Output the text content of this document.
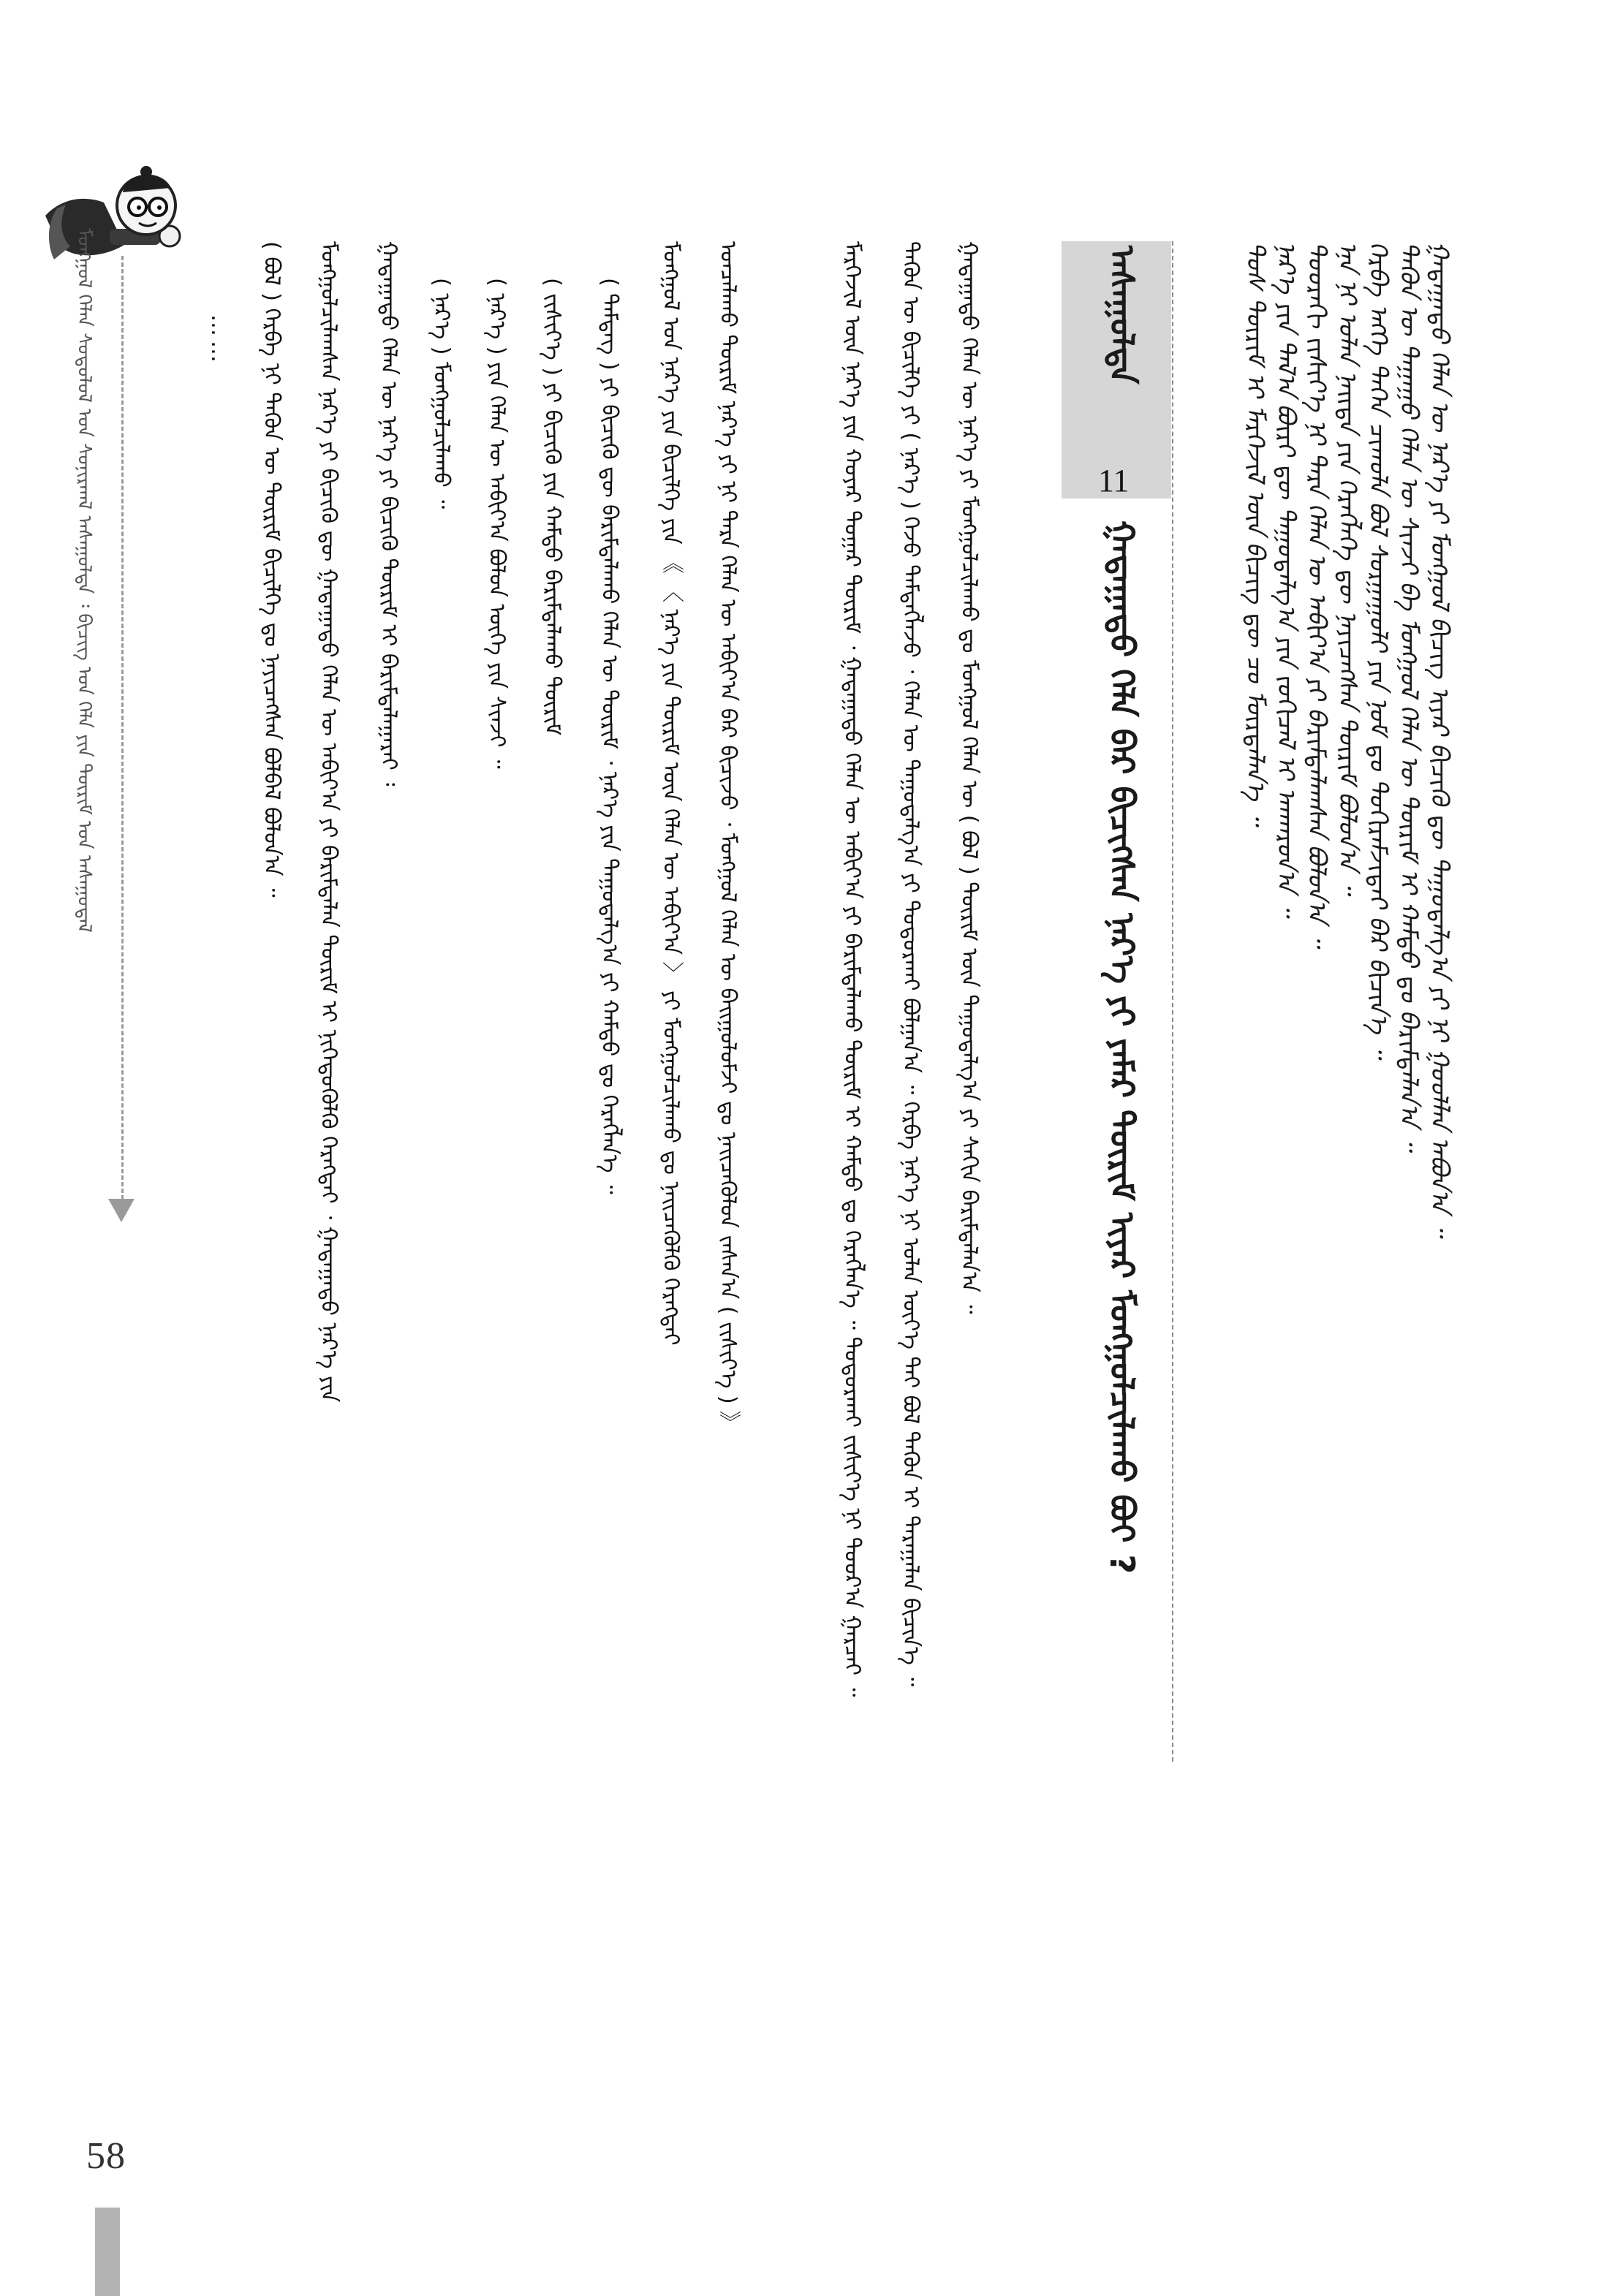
58
ᠮᠣᠩᠭᠣᠯ ᠬᠡᠯᠡᠨ ᠰᠤᠳᠤᠯᠤᠯ ᠤᠨ ᠰᠣᠨᠢᠷᠬᠠᠯ ᠠᠰᠠᠭᠤᠯᠲᠠ ᠄ ᠪᠢᠴᠢᠭ ᠤᠨ ᠬᠡᠯᠡ ᠶᠢᠨ ᠳᠦᠷᠢᠮ ᠤᠨ ᠠᠰᠠᠭᠤᠳᠠᠯ	…… ( ᠪᠣᠯ ) ᠬᠡᠷᠪᠡ ᠨᠢ ᠲᠡᠭᠦᠨ ᠦ ᠳᠦᠷᠢᠮ ᠪᠢᠴᠢᠯᠭᠡ ᠳᠤ ᠨᠡᠶᠢᠴᠡᠭᠰᠡᠨ ᠪᠣᠯᠪᠠᠯ ᠪᠣᠯᠤᠨ᠎ᠠ ᠃ ᠮᠣᠩᠭᠣᠯᠴᠢᠯᠠᠭᠰᠠᠨ ᠨᠡᠷ᠎ᠡ ᠶᠢ ᠪᠢᠴᠢᠬᠦ ᠳᠦ ᠭᠠᠳᠠᠭᠠᠳᠤ ᠬᠡᠯᠡᠨ ᠦ ᠠᠪᠢᠶ᠎ᠠ ᠶᠢ ᠪᠠᠷᠢᠮᠲᠠᠯᠠᠨ ᠳᠦᠷᠢᠮ ᠢ ᠨᠢᠭᠡᠳᠦᠭᠦᠯᠬᠦ ᠬᠡᠷᠡᠭᠲᠡᠢ ᠂ ᠭᠠᠳᠠᠭᠠᠳᠤ ᠨᠡᠷ᠎ᠡ ᠶᠢᠨ ᠭᠠᠳᠠᠭᠠᠳᠤ ᠬᠡᠯᠡᠨ ᠦ ᠨᠡᠷ᠎ᠡ ᠶᠢ ᠪᠢᠴᠢᠬᠦ ᠳᠦᠷᠢᠮ ᠢ ᠪᠠᠷᠢᠮᠲᠠᠯᠠᠭᠠᠷᠠᠢ ᠄ ( ᠨᠡᠷ᠎ᠡ ) ᠮᠣᠩᠭᠣᠯᠴᠢᠯᠠᠬᠤ ᠃ ( ᠨᠡᠷ᠎ᠡ ) ᠶᠢᠨ ᠬᠡᠯᠡᠨ ᠦ ᠠᠪᠢᠶ᠎ᠠ ᠪᠤᠯᠤᠨ ᠦᠭᠡ ᠶᠢᠨ ᠰᠢᠨᠵᠢ ᠃ ( ᠵᠢᠱᠢᠶ᠎ᠡ ) ᠶᠢ ᠪᠢᠴᠢᠬᠦ ᠶᠢᠨ ᠬᠠᠮᠲᠤ ᠪᠠᠷᠢᠮᠲᠠᠯᠠᠬᠤ ᠳᠦᠷᠢᠮ ( ᠲᠡᠮᠳᠡᠭ ) ᠶᠢ ᠪᠢᠴᠢᠬᠦ ᠳᠦ ᠪᠠᠷᠢᠮᠲᠠᠯᠠᠬᠤ ᠬᠡᠯᠡᠨ ᠦ ᠳᠦᠷᠢᠮ ᠂ ᠨᠡᠷ᠎ᠡ ᠶᠢᠨ ᠳᠠᠭᠤᠳᠠᠯᠭ᠎ᠠ ᠶᠢ ᠬᠠᠮᠲᠤ ᠳᠤ ᠬᠡᠷᠡᠭᠯᠡᠨ᠎ᠡ ᠃ ᠮᠣᠩᠭᠣᠯ ᠤᠨ ᠨᠡᠷ᠎ᠡ ᠶᠢᠨ ᠪᠢᠴᠢᠯᠭᠡ ᠶᠢᠨ 《 〈 ᠨᠡᠷ᠎ᠡ ᠶᠢᠨ ᠳᠦᠷᠢᠮ ᠦᠨ ᠬᠡᠯᠡᠨ ᠦ ᠠᠪᠢᠶ᠎ᠠ 〉 ᠶᠢ ᠮᠣᠩᠭᠣᠯᠴᠢᠯᠠᠬᠤ ᠳᠤ ᠨᠡᠢᠴᠡᠭᠦᠯᠬᠦ ᠬᠡᠷᠡᠭᠲᠡᠢ ᠣᠨᠴᠠᠯᠠᠬᠤ ᠳᠦᠷᠢᠮ ᠨᠡᠷ᠎ᠡ ᠶᠢ ᠨᠢ ᠲᠡᠷᠡ ᠬᠡᠯᠡᠨ ᠦ ᠠᠪᠢᠶ᠎ᠠ ᠪᠠᠷ ᠪᠢᠴᠢᠵᠦ ᠂ ᠮᠣᠩᠭᠣᠯ ᠬᠡᠯᠡᠨ ᠦ ᠪᠠᠢᠭᠤᠯᠤᠮᠵᠢ ᠳᠤ ᠨᠡᠢᠴᠡᠭᠦᠯᠦᠨ ᠵᠠᠰᠠᠨ᠎ᠠ ( ᠵᠢᠱᠢᠶ᠎ᠡ ) 》	ᠮᠡᠷᠭᠡᠵᠢᠯ ᠦᠨ ᠨᠡᠷ᠎ᠡ ᠶᠢᠨ ᠬᠣᠶᠠᠷ ᠳᠤᠭᠠᠷ ᠳᠦᠷᠢᠮ ᠂ ᠭᠠᠳᠠᠭᠠᠳᠤ ᠬᠡᠯᠡᠨ ᠦ ᠠᠪᠢᠶ᠎ᠠ ᠶᠢ ᠪᠠᠷᠢᠮᠲᠠᠯᠠᠬᠤ ᠳᠦᠷᠢᠮ ᠢ ᠬᠠᠮᠲᠤ ᠳᠤ ᠬᠡᠷᠡᠭᠯᠡᠨ᠎ᠡ ᠃ ᠲᠣᠳᠣᠷᠬᠠᠢ ᠵᠢᠱᠢᠶ᠎ᠡ ᠨᠢ ᠳᠣᠣᠷ᠎ᠠ ᠭᠠᠷᠴᠠᠢ ᠃ ᠲᠡᠭᠦᠨ ᠦ ᠪᠢᠴᠢᠯᠭᠡ ᠶᠢ ( ᠨᠡᠷ᠎ᠡ ) ᠭᠡᠵᠦ ᠲᠡᠮᠳᠡᠭᠯᠡᠵᠦ ᠂ ᠬᠡᠯᠡᠨ ᠦ ᠳᠠᠭᠤᠳᠠᠯᠭ᠎ᠠ ᠶᠢ ᠲᠣᠳᠣᠷᠬᠠᠢ ᠪᠣᠯᠭᠠᠨ᠎ᠠ ᠃ ᠬᠡᠷᠪᠡ ᠨᠡᠷ᠎ᠡ ᠨᠢ ᠣᠯᠠᠨ ᠦᠶ᠎ᠡ ᠲᠠᠢ ᠪᠣᠯ ᠲᠡᠭᠦᠨ ᠢ ᠳᠠᠷᠠᠭᠠᠯᠠᠨ ᠪᠢᠴᠢᠨ᠎ᠡ ᠃ ᠭᠠᠳᠠᠭᠠᠳᠤ ᠬᠡᠯᠡᠨ ᠦ ᠨᠡᠷ᠎ᠡ ᠶᠢ ᠮᠣᠩᠭᠣᠯᠴᠢᠯᠠᠬᠤ ᠳᠤ ᠮᠣᠩᠭᠣᠯ ᠬᠡᠯᠡᠨ ᠦ ( ᠪᠣᠯ ) ᠳᠦᠷᠢᠮ ᠦᠨ ᠳᠠᠭᠤᠳᠠᠯᠭ᠎ᠠ ᠶᠢ ᠰᠠᠬᠢᠨ ᠪᠠᠷᠢᠮᠲᠠᠯᠠᠨ᠎ᠠ ᠃	ᠠᠰᠠᠭᠤᠯᠲᠠ
11
ᠭᠠᠳᠠᠭᠠᠳᠤ ᠬᠡᠯᠡ ᠪᠡᠷ ᠪᠢᠴᠢᠭᠰᠡᠨ ᠨᠡᠷ᠎ᠡ ᠶᠢ ᠶᠠᠮᠠᠷ ᠳᠦᠷᠢᠮ ᠢᠶᠡᠷ ᠮᠣᠩᠭᠣᠯᠴᠢᠯᠠᠬᠤ ᠪᠤᠢ ?	ᠲᠣᠰ ᠳᠦᠷᠢᠮ ᠢ ᠮᠡᠷᠭᠡᠵᠢᠯ ᠦᠨ ᠪᠢᠴᠢᠭ ᠳᠦ ᠴᠤ ᠮᠦᠷᠳᠡᠯᠡᠨ᠎ᠡ ᠃ ᠨᠡᠷ᠎ᠡ ᠶᠢᠨ ᠲᠠᠯ᠎ᠠ ᠪᠦᠷᠢ ᠳᠦ ᠳᠠᠭᠤᠳᠠᠯᠭ᠎ᠠ ᠶᠢᠨ ᠵᠣᠬᠢᠴᠠᠯ ᠢ ᠠᠨᠬᠠᠷᠤᠨ᠎ᠠ ᠃ ᠳᠣᠣᠷᠠᠬᠢ ᠵᠢᠱᠢᠶ᠎ᠡ ᠨᠢ ᠲᠡᠷᠡ ᠬᠡᠯᠡᠨ ᠦ ᠠᠪᠢᠶ᠎ᠠ ᠶᠢ ᠪᠠᠷᠢᠮᠲᠠᠯᠠᠭᠰᠠᠨ ᠪᠣᠯᠤᠨ᠎ᠠ ᠃ ᠡᠨᠡ ᠨᠢ ᠣᠯᠠᠨ ᠨᠡᠢᠲᠡ ᠶᠢᠨ ᠬᠡᠷᠡᠭᠯᠡᠭᠡ ᠳᠦ ᠨᠡᠶᠢᠴᠡᠭᠰᠡᠨ ᠳᠦᠷᠢᠮ ᠪᠣᠯᠤᠨ᠎ᠠ ᠃ ᠬᠡᠷᠪᠡ ᠡᠩᠭᠡ ᠳᠡᠭᠡᠨ ᠴᠢᠬᠤᠯᠠ ᠪᠣᠯ ᠰᠤᠷᠭᠠᠭᠤᠯᠢ ᠶᠢᠨ ᠨᠣᠮ ᠳᠤ ᠲᠣᠬᠢᠷᠠᠮᠵᠢᠲᠠᠢ ᠪᠠᠷ ᠪᠢᠴᠢᠨ᠎ᠡ ᠃ ᠲᠡᠭᠦᠨ ᠦ ᠳᠠᠭᠠᠭᠤ ᠬᠡᠯᠡᠨ ᠦ ᠰᠢᠨᠵᠢ ᠪᠠ ᠮᠣᠩᠭᠣᠯ ᠬᠡᠯᠡᠨ ᠦ ᠳᠦᠷᠢᠮ ᠢ ᠬᠠᠮᠲᠤ ᠳᠤ ᠪᠠᠷᠢᠮᠲᠠᠯᠠᠨ᠎ᠠ ᠃ ᠭᠠᠳᠠᠭᠠᠳᠤ ᠬᠡᠯᠡᠨ ᠦ ᠨᠡᠷ᠎ᠡ ᠶᠢ ᠮᠣᠩᠭᠣᠯ ᠪᠢᠴᠢᠭ ᠢᠶᠡᠷ ᠪᠢᠴᠢᠬᠦ ᠳᠦ ᠳᠠᠭᠤᠳᠠᠯᠭ᠎ᠠ ᠶᠢ ᠨᠢ ᠭᠣᠤᠯᠯᠠᠨ ᠠᠪᠤᠨ᠎ᠠ ᠃
